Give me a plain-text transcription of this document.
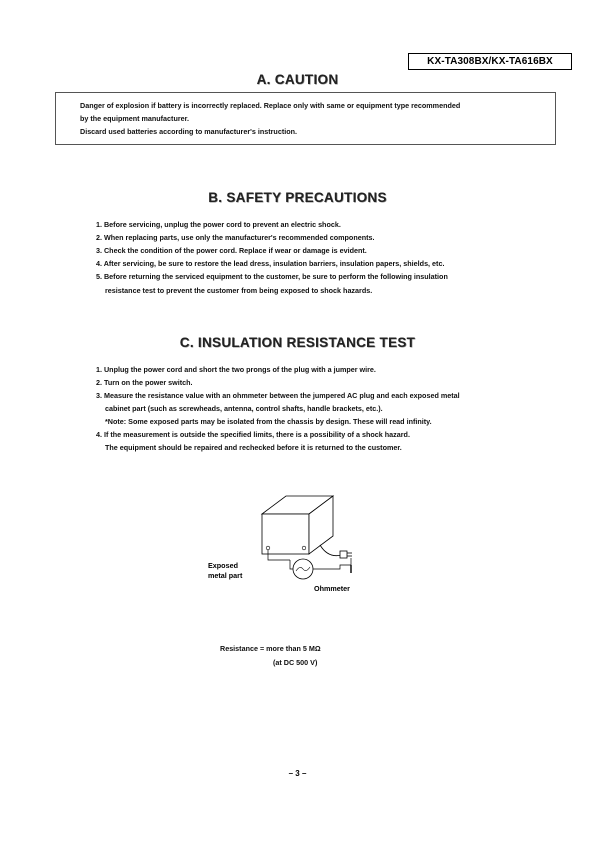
KX-TA308BX/KX-TA616BX
A. CAUTION
Danger of explosion if battery is incorrectly replaced. Replace only with same or equipment type recommended
by the equipment manufacturer.
Discard used batteries according to manufacturer's instruction.
B. SAFETY PRECAUTIONS
1. Before servicing, unplug the power cord to prevent an electric shock.
2. When replacing parts, use only the manufacturer's recommended components.
3. Check the condition of the power cord. Replace if wear or damage is evident.
4. After servicing, be sure to restore the lead dress, insulation barriers, insulation papers, shields, etc.
5. Before returning the serviced equipment to the customer, be sure to perform the following insulation
resistance test to prevent the customer from being exposed to shock hazards.
C. INSULATION RESISTANCE TEST
1. Unplug the power cord and short the two prongs of the plug with a jumper wire.
2. Turn on the power switch.
3. Measure the resistance value with an ohmmeter between the jumpered AC plug and each exposed metal
cabinet part (such as screwheads, antenna, control shafts, handle brackets, etc.).
*Note: Some exposed parts may be isolated from the chassis by design. These will read infinity.
4. If the measurement is outside the specified limits, there is a possibility of a shock hazard.
The equipment should be repaired and rechecked before it is returned to the customer.
Exposed
metal part
Ohmmeter
Resistance = more than 5 MΩ
(at DC 500 V)
– 3 –
